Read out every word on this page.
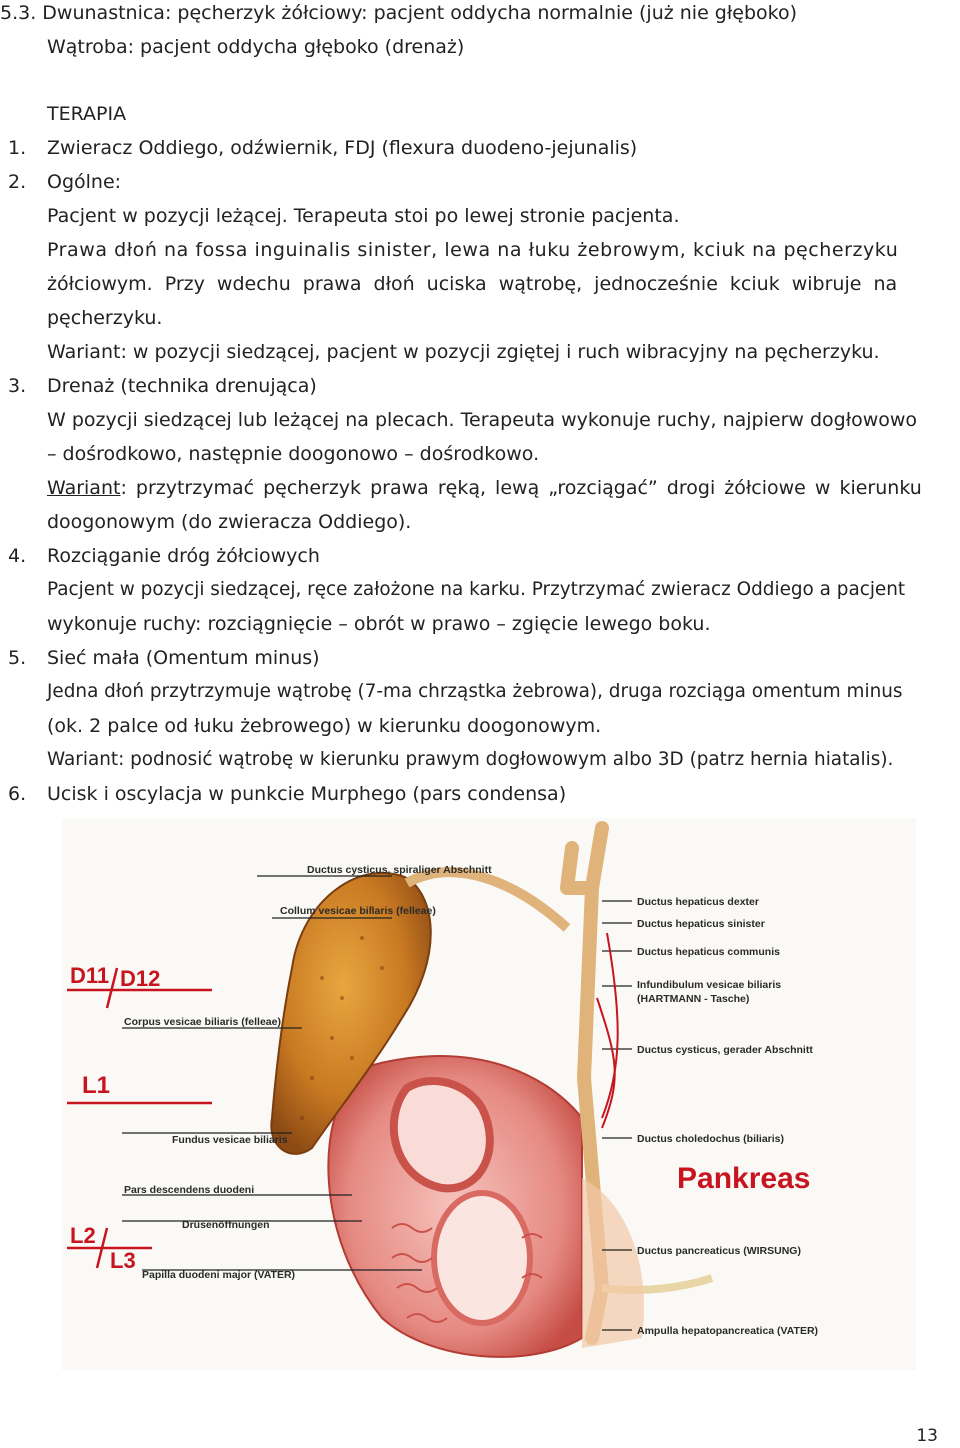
5.3. Dwunastnica: pęcherzyk żółciowy: pacjent oddycha normalnie (już nie głęboko)
Wątroba: pacjent oddycha głęboko (drenaż)
TERAPIA
1. Zwieracz Oddiego, odźwiernik, FDJ (flexura duodeno-jejunalis)
2. Ogólne:
Pacjent w pozycji leżącej. Terapeuta stoi po lewej stronie pacjenta.
Prawa dłoń na fossa inguinalis sinister, lewa na łuku żebrowym, kciuk na pęcherzyku
żółciowym. Przy wdechu prawa dłoń uciska wątrobę, jednocześnie kciuk wibruje na
pęcherzyku.
Wariant: w pozycji siedzącej, pacjent w pozycji zgiętej i ruch wibracyjny na pęcherzyku.
3. Drenaż (technika drenująca)
W pozycji siedzącej lub leżącej na plecach. Terapeuta wykonuje ruchy, najpierw dogłowowo
– dośrodkowo, następnie doogonowo – dośrodkowo.
Wariant: przytrzymać pęcherzyk prawa ręką, lewą „rozciągać” drogi żółciowe w kierunku
doogonowym (do zwieracza Oddiego).
4. Rozciąganie dróg żółciowych
Pacjent w pozycji siedzącej, ręce założone na karku. Przytrzymać zwieracz Oddiego a pacjent
wykonuje ruchy: rozciągnięcie – obrót w prawo – zgięcie lewego boku.
5. Sieć mała (Omentum minus)
Jedna dłoń przytrzymuje wątrobę (7-ma chrząstka żebrowa), druga rozciąga omentum minus
(ok. 2 palce od łuku żebrowego) w kierunku doogonowym.
Wariant: podnosić wątrobę w kierunku prawym dogłowowym albo 3D (patrz hernia hiatalis).
6. Ucisk i oscylacja w punkcie Murphego (pars condensa)
Ductus cysticus, spiraliger Abschnitt
Collum vesicae biliaris (felleae)
Corpus vesicae biliaris (felleae)
Fundus vesicae biliaris
Pars descendens duodeni
Drüsenöffnungen
Papilla duodeni major (VATER)
Ductus hepaticus dexter
Ductus hepaticus sinister
Ductus hepaticus communis
Infundibulum vesicae biliaris
(HARTMANN - Tasche)
Ductus cysticus, gerader Abschnitt
Ductus choledochus (biliaris)
Ductus pancreaticus (WIRSUNG)
Ampulla hepatopancreatica (VATER)
D11 D12
L1
L2
L3
Pankreas
13
